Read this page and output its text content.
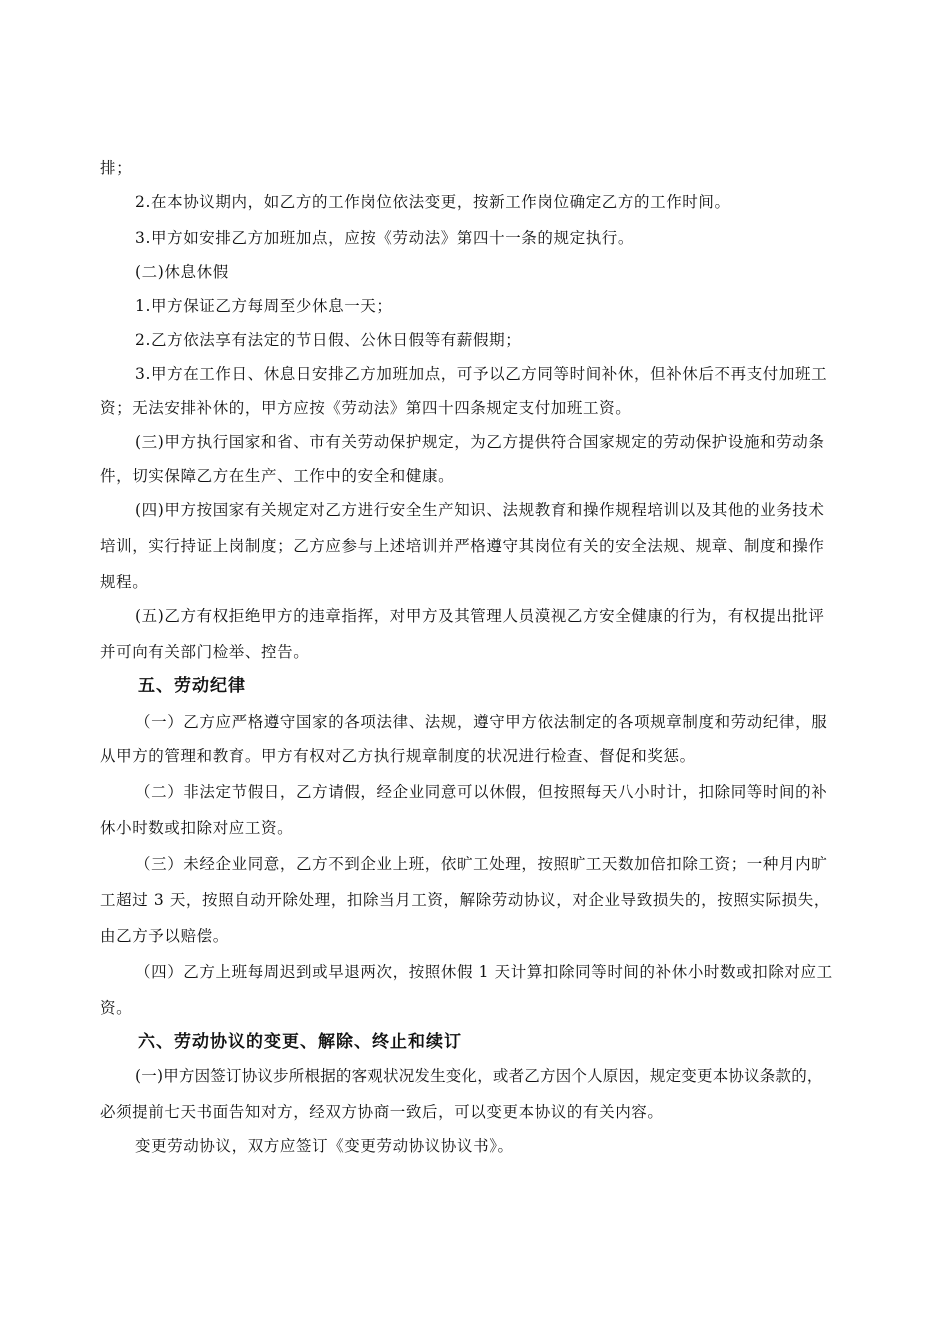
排；
2.在本协议期内，如乙方的工作岗位依法变更，按新工作岗位确定乙方的工作时间。
3.甲方如安排乙方加班加点，应按《劳动法》第四十一条的规定执行。
(二)休息休假
1.甲方保证乙方每周至少休息一天；
2.乙方依法享有法定的节日假、公休日假等有薪假期；
3.甲方在工作日、休息日安排乙方加班加点，可予以乙方同等时间补休，但补休后不再支付加班工
资；无法安排补休的，甲方应按《劳动法》第四十四条规定支付加班工资。
(三)甲方执行国家和省、市有关劳动保护规定，为乙方提供符合国家规定的劳动保护设施和劳动条
件，切实保障乙方在生产、工作中的安全和健康。
(四)甲方按国家有关规定对乙方进行安全生产知识、法规教育和操作规程培训以及其他的业务技术
培训，实行持证上岗制度；乙方应参与上述培训并严格遵守其岗位有关的安全法规、规章、制度和操作
规程。
(五)乙方有权拒绝甲方的违章指挥，对甲方及其管理人员漠视乙方安全健康的行为，有权提出批评
并可向有关部门检举、控告。
五、劳动纪律
（一）乙方应严格遵守国家的各项法律、法规，遵守甲方依法制定的各项规章制度和劳动纪律，服
从甲方的管理和教育。甲方有权对乙方执行规章制度的状况进行检查、督促和奖惩。
（二）非法定节假日，乙方请假，经企业同意可以休假，但按照每天八小时计，扣除同等时间的补
休小时数或扣除对应工资。
（三）未经企业同意，乙方不到企业上班，依旷工处理，按照旷工天数加倍扣除工资；一种月内旷
工超过 3 天，按照自动开除处理，扣除当月工资，解除劳动协议，对企业导致损失的，按照实际损失，
由乙方予以赔偿。
（四）乙方上班每周迟到或早退两次，按照休假 1 天计算扣除同等时间的补休小时数或扣除对应工
资。
六、劳动协议的变更、解除、终止和续订
(一)甲方因签订协议步所根据的客观状况发生变化，或者乙方因个人原因，规定变更本协议条款的，
必须提前七天书面告知对方，经双方协商一致后，可以变更本协议的有关内容。
变更劳动协议，双方应签订《变更劳动协议协议书》。
